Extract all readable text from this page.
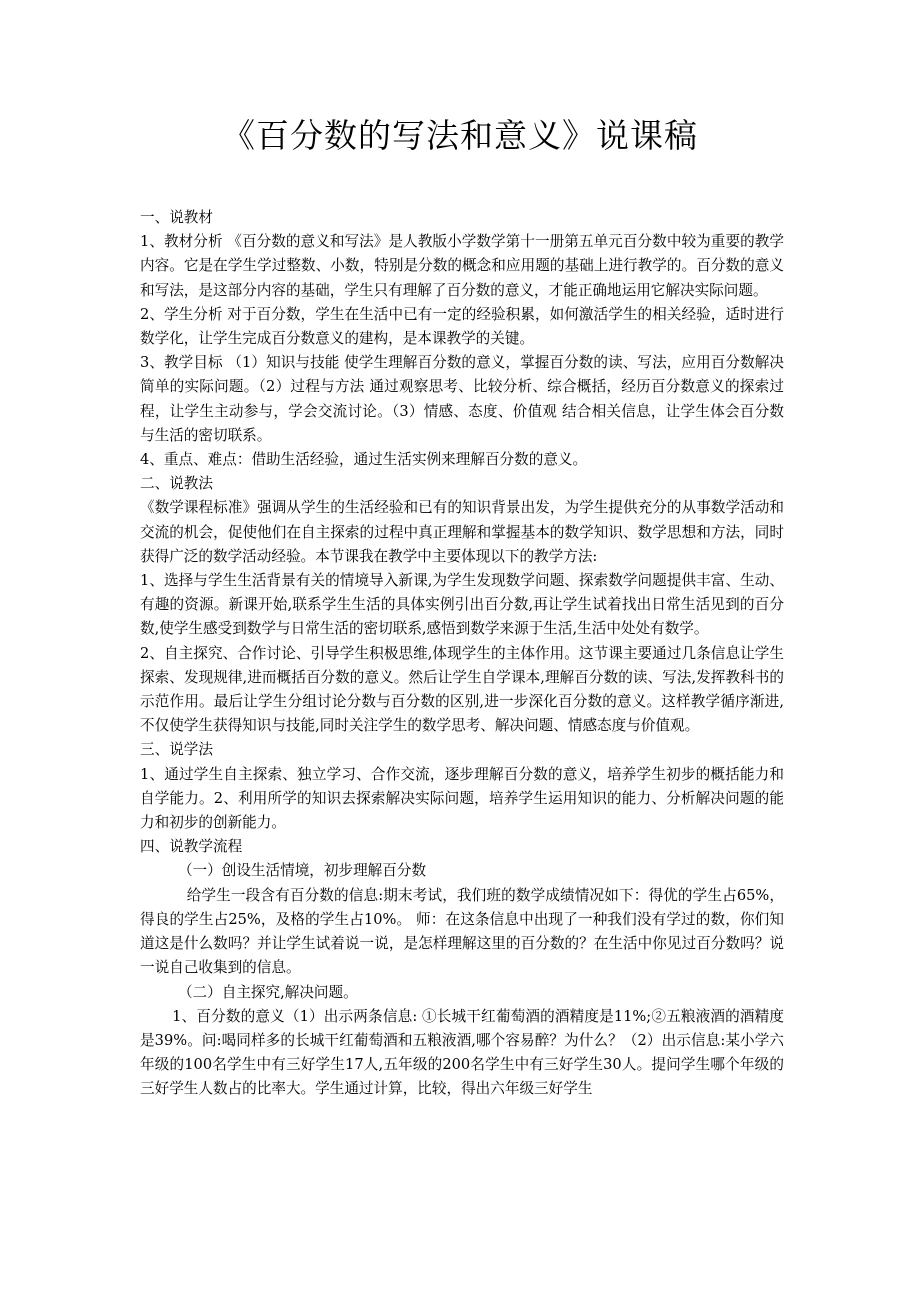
《百分数的写法和意义》说课稿

一、说教材

1、教材分析 《百分数的意义和写法》是人教版小学数学第十一册第五单元百分数中较为重要的教学内容。它是在学生学过整数、小数，特别是分数的概念和应用题的基础上进行教学的。百分数的意义和写法，是这部分内容的基础，学生只有理解了百分数的意义，才能正确地运用它解决实际问题。

2、学生分析 对于百分数，学生在生活中已有一定的经验积累，如何激活学生的相关经验，适时进行数学化，让学生完成百分数意义的建构，是本课教学的关键。

3、教学目标 （1）知识与技能 使学生理解百分数的意义，掌握百分数的读、写法，应用百分数解决简单的实际问题。（2）过程与方法 通过观察思考、比较分析、综合概括，经历百分数意义的探索过程，让学生主动参与，学会交流讨论。（3）情感、态度、价值观 结合相关信息，让学生体会百分数与生活的密切联系。

4、重点、难点：借助生活经验，通过生活实例来理解百分数的意义。

二、说教法

《数学课程标准》强调从学生的生活经验和已有的知识背景出发，为学生提供充分的从事数学活动和交流的机会，促使他们在自主探索的过程中真正理解和掌握基本的数学知识、数学思想和方法，同时获得广泛的数学活动经验。本节课我在教学中主要体现以下的教学方法:

1、选择与学生生活背景有关的情境导入新课,为学生发现数学问题、探索数学问题提供丰富、生动、有趣的资源。新课开始,联系学生生活的具体实例引出百分数,再让学生试着找出日常生活见到的百分数,使学生感受到数学与日常生活的密切联系,感悟到数学来源于生活,生活中处处有数学。

2、自主探究、合作讨论、引导学生积极思维,体现学生的主体作用。这节课主要通过几条信息让学生探索、发现规律,进而概括百分数的意义。然后让学生自学课本,理解百分数的读、写法,发挥教科书的示范作用。最后让学生分组讨论分数与百分数的区别,进一步深化百分数的意义。这样教学循序渐进,不仅使学生获得知识与技能,同时关注学生的数学思考、解决问题、情感态度与价值观。

三、说学法

1、通过学生自主探索、独立学习、合作交流，逐步理解百分数的意义，培养学生初步的概括能力和自学能力。2、利用所学的知识去探索解决实际问题，培养学生运用知识的能力、分析解决问题的能力和初步的创新能力。

四、说教学流程

（一）创设生活情境，初步理解百分数

给学生一段含有百分数的信息:期末考试，我们班的数学成绩情况如下：得优的学生占65%，得良的学生占25%，及格的学生占10%。 师：在这条信息中出现了一种我们没有学过的数，你们知道这是什么数吗？并让学生试着说一说，是怎样理解这里的百分数的？在生活中你见过百分数吗？说一说自己收集到的信息。

（二）自主探究,解决问题。

1、百分数的意义（1）出示两条信息: ①长城干红葡萄酒的酒精度是11%;②五粮液酒的酒精度是39%。问:喝同样多的长城干红葡萄酒和五粮液酒,哪个容易醉？为什么？（2）出示信息:某小学六年级的100名学生中有三好学生17人,五年级的200名学生中有三好学生30人。提问学生哪个年级的三好学生人数占的比率大。学生通过计算，比较，得出六年级三好学生
